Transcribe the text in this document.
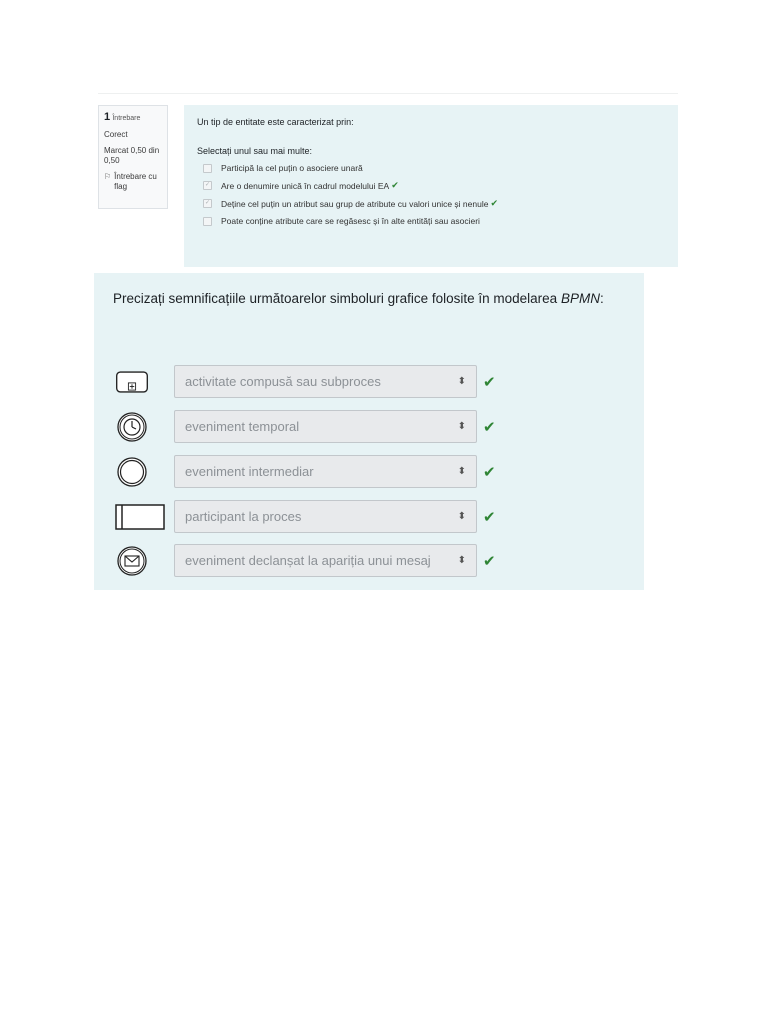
1 Întrebare
Corect
Marcat 0,50 din 0,50
⚐ Întrebare cu flag
Un tip de entitate este caracterizat prin:
Selectați unul sau mai multe:
Participă la cel puțin o asociere unară
✓ Are o denumire unică în cadrul modelului EA ✔
✓ Deține cel puțin un atribut sau grup de atribute cu valori unice și nenule ✔
Poate conține atribute care se regăsesc și în alte entități sau asocieri
Precizați semnificațiile următoarelor simboluri grafice folosite în modelarea BPMN:
activitate compusă sau subproces	⬍ ✔
eveniment temporal	⬍ ✔
eveniment intermediar	⬍ ✔
participant la proces	⬍ ✔
eveniment declanșat la apariția unui mesaj	⬍ ✔
